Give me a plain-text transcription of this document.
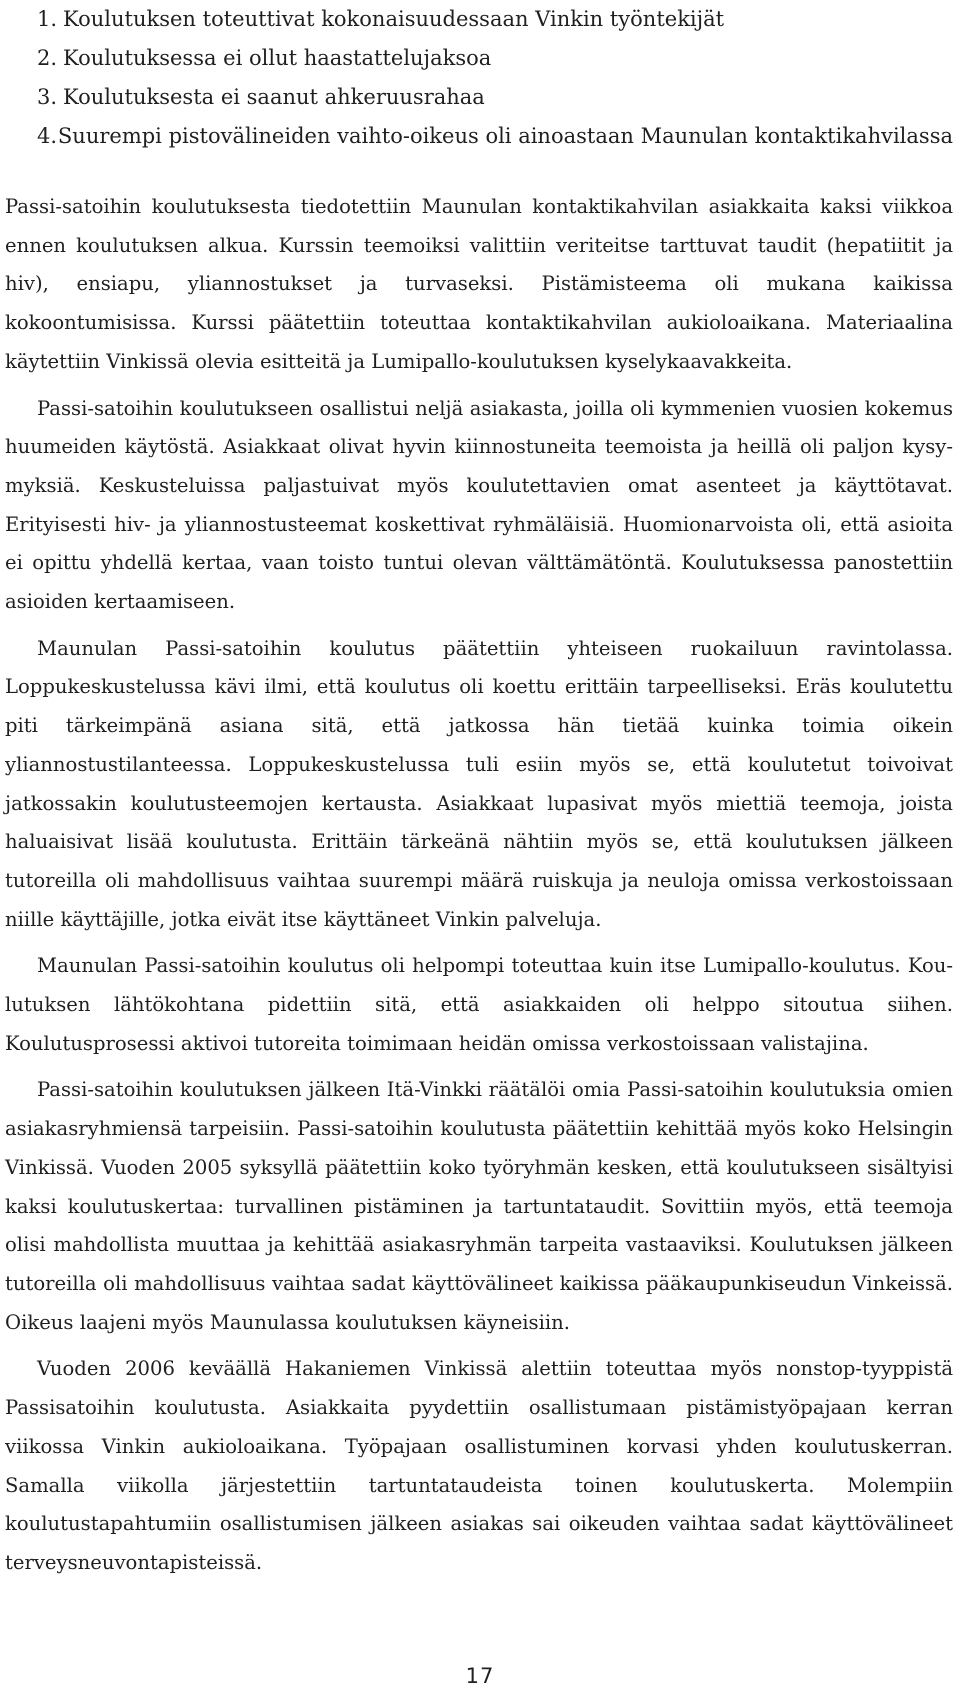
1. Koulutuksen toteuttivat kokonaisuudessaan Vinkin työntekijät
2. Koulutuksessa ei ollut haastattelujaksoa
3. Koulutuksesta ei saanut ahkeruusrahaa
4. Suurempi pistovälineiden vaihto-oikeus oli ainoastaan Maunulan kontaktikahvilassa

Passi-satoihin koulutuksesta tiedotettiin Maunulan kontaktikahvilan asiakkaita kaksi viikkoa ennen koulutuksen alkua. Kurssin teemoiksi valittiin veriteitse tarttuvat taudit (hepatiitit ja hiv), ensiapu, yliannostukset ja turvaseksi. Pistämisteema oli mukana kaikissa kokoontumisissa. Kurssi päätettiin toteuttaa kontaktikahvilan aukioloaikana. Materiaalina käytettiin Vinkissä olevia esitteitä ja Lumipallo-koulutuksen kyselykaavakkeita.

Passi-satoihin koulutukseen osallistui neljä asiakasta, joilla oli kymmenien vuosien kokemus huumeiden käytöstä. Asiakkaat olivat hyvin kiinnostuneita teemoista ja heillä oli paljon kysymyksiä. Keskusteluissa paljastuivat myös koulutettavien omat asenteet ja käyttötavat. Erityisesti hiv- ja yliannostusteemat koskettivat ryhmäläisiä. Huomionarvoista oli, että asioita ei opittu yhdellä kertaa, vaan toisto tuntui olevan välttämätöntä. Koulutuksessa panostettiin asioiden kertaamiseen.

Maunulan Passi-satoihin koulutus päätettiin yhteiseen ruokailuun ravintolassa. Loppukeskustelussa kävi ilmi, että koulutus oli koettu erittäin tarpeelliseksi. Eräs koulutettu piti tärkeimpänä asiana sitä, että jatkossa hän tietää kuinka toimia oikein yliannostustilanteessa. Loppukeskustelussa tuli esiin myös se, että koulutetut toivoivat jatkossakin koulutusteemojen kertausta. Asiakkaat lupasivat myös miettiä teemoja, joista haluaisivat lisää koulutusta. Erittäin tärkeänä nähtiin myös se, että koulutuksen jälkeen tutoreilla oli mahdollisuus vaihtaa suurempi määrä ruiskuja ja neuloja omissa verkostoissaan niille käyttäjille, jotka eivät itse käyttäneet Vinkin palveluja.

Maunulan Passi-satoihin koulutus oli helpompi toteuttaa kuin itse Lumipallo-koulutus. Koulutuksen lähtökohtana pidettiin sitä, että asiakkaiden oli helppo sitoutua siihen. Koulutusprosessi aktivoi tutoreita toimimaan heidän omissa verkostoissaan valistajina.

Passi-satoihin koulutuksen jälkeen Itä-Vinkki räätälöi omia Passi-satoihin koulutuksia omien asiakasryhmiensä tarpeisiin. Passi-satoihin koulutusta päätettiin kehittää myös koko Helsingin Vinkissä. Vuoden 2005 syksyllä päätettiin koko työryhmän kesken, että koulutukseen sisältyisi kaksi koulutuskertaa: turvallinen pistäminen ja tartuntataudit. Sovittiin myös, että teemoja olisi mahdollista muuttaa ja kehittää asiakasryhmän tarpeita vastaaviksi. Koulutuksen jälkeen tutoreilla oli mahdollisuus vaihtaa sadat käyttövälineet kaikissa pääkaupunkiseudun Vinkeissä. Oikeus laajeni myös Maunulassa koulutuksen käyneisiin.

Vuoden 2006 keväällä Hakaniemen Vinkissä alettiin toteuttaa myös nonstop-tyyppistä Passisatoihin koulutusta. Asiakkaita pyydettiin osallistumaan pistämistyöpajaan kerran viikossa Vinkin aukioloaikana. Työpajaan osallistuminen korvasi yhden koulutuskerran. Samalla viikolla järjestettiin tartuntataudeista toinen koulutuskerta. Molempiin koulutustapahtumiin osallistumisen jälkeen asiakas sai oikeuden vaihtaa sadat käyttövälineet terveysneuvontapisteissä.

17
